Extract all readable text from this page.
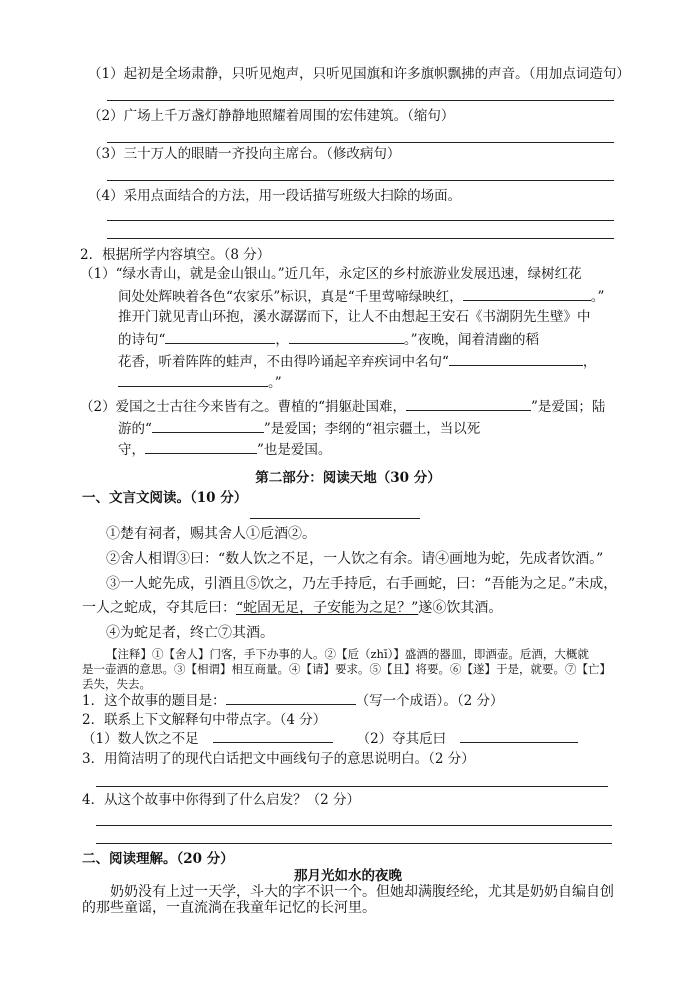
（1）起初是全场肃静，只听见炮声，只听见国旗和许多旗帜飘拂的声音。（用加点词造句）
（2）广场上千万盏灯静静地照耀着周围的宏伟建筑。（缩句）
（3）三十万人的眼睛一齐投向主席台。（修改病句）
（4）采用点面结合的方法，用一段话描写班级大扫除的场面。
2．根据所学内容填空。（8 分）
（1）“绿水青山，就是金山银山。”近几年，永定区的乡村旅游业发展迅速，绿树红花
间处处辉映着各色“农家乐”标识，真是“千里莺啼绿映红，	。”
推开门就见青山环抱，溪水潺潺而下，让人不由想起王安石《书湖阴先生壁》中
的诗句“	，	。”夜晚，闻着清幽的稻
花香，听着阵阵的蛙声，不由得吟诵起辛弃疾词中名句“	，
。”
（2）爱国之士古往今来皆有之。曹植的“捐躯赴国难，	”是爱国；陆
游的“	”是爱国；李纲的“祖宗疆土，当以死
守，	”也是爱国。
第二部分：阅读天地（30 分）
一、文言文阅读。（10 分）
①楚有祠者，赐其舍人①卮酒②。
②舍人相谓③曰：“数人饮之不足，一人饮之有余。请④画地为蛇，先成者饮酒。”
③一人蛇先成，引酒且⑤饮之，乃左手持卮，右手画蛇，曰：“吾能为之足。”未成，
一人之蛇成，夺其卮曰：“蛇固无足，子安能为之足？”遂⑥饮其酒。
④为蛇足者，终亡⑦其酒。
【注释】①【舍人】门客，手下办事的人。②【卮（zhī）】盛酒的器皿，即酒壶。卮酒，大概就
是一壶酒的意思。③【相谓】相互商量。④【请】要求。⑤【且】将要。⑥【遂】于是，就要。⑦【亡】
丢失，失去。
1．这个故事的题目是：	（写一个成语）。（2 分）
2．联系上下文解释句中带点字。（4 分）
（1）数人饮之不足	（2）夺其卮曰
3．用简洁明了的现代白话把文中画线句子的意思说明白。（2 分）
4．从这个故事中你得到了什么启发？（2 分）
二、阅读理解。（20 分）
那月光如水的夜晚
奶奶没有上过一天学，斗大的字不识一个。但她却满腹经纶，尤其是奶奶自编自创
的那些童谣，一直流淌在我童年记忆的长河里。
